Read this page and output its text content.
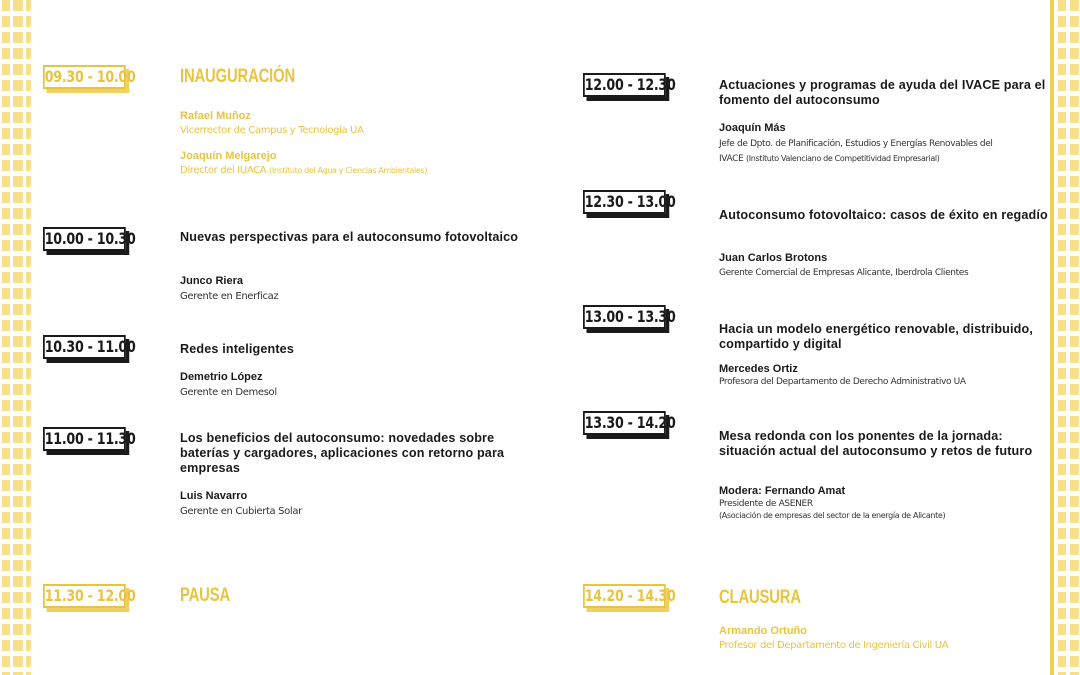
09.30 - 10.00 INAUGURACIÓN
Rafael Muñoz
Vicerrector de Campus y Tecnología UA
Joaquín Melgarejo
Director del IUACA (Instituto del Agua y Ciencias Ambientales)
10.00 - 10.30	Nuevas perspectivas para el autoconsumo fotovoltaico
Junco Riera
Gerente en Enerficaz
10.30 - 11.00	Redes inteligentes
Demetrio López
Gerente en Demesol
11.00 - 11.30	Los beneficios del autoconsumo: novedades sobre baterías y cargadores, aplicaciones con retorno para empresas
Luis Navarro
Gerente en Cubierta Solar
11.30 - 12.00 PAUSA
12.00 - 12.30	Actuaciones y programas de ayuda del IVACE para el fomento del autoconsumo
Joaquín Más
Jefe de Dpto. de Planificación, Estudios y Energías Renovables del
IVACE (Instituto Valenciano de Competitividad Empresarial)
12.30 - 13.00
Autoconsumo fotovoltaico: casos de éxito en regadío
Juan Carlos Brotons
Gerente Comercial de Empresas Alicante, Iberdrola Clientes
13.00 - 13.30
Hacia un modelo energético renovable, distribuido, compartido y digital
Mercedes Ortiz
Profesora del Departamento de Derecho Administrativo UA
13.30 - 14.20
Mesa redonda con los ponentes de la jornada: situación actual del autoconsumo y retos de futuro
Modera: Fernando Amat
Presidente de ASENER
(Asociación de empresas del sector de la energía de Alicante)
14.20 - 14.30 CLAUSURA
Armando Ortuño
Profesor del Departamento de Ingeniería Civil UA
